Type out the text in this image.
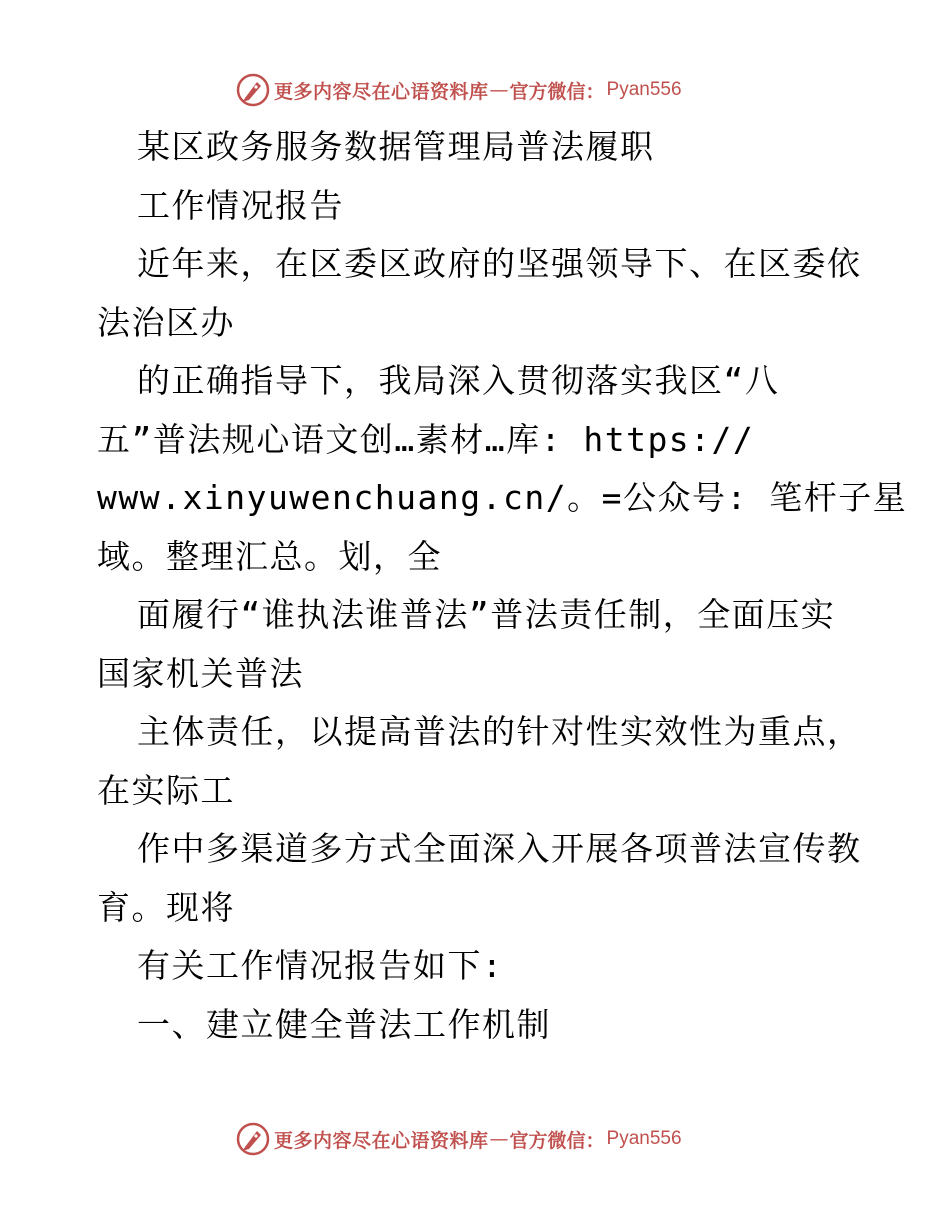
更多内容尽在心语资料库 — 官方微信： Pyan556
某区政务服务数据管理局普法履职
工作情况报告
近年来，在区委区政府的坚强领导下、在区委依
法治区办
的正确指导下，我局深入贯彻落实我区“八
五”普法规心语文创…素材…库: https://
www.xinyuwenchuang.cn/。=公众号: 笔杆子星
域。整理汇总。划，全
面履行“谁执法谁普法”普法责任制，全面压实
国家机关普法
主体责任，以提高普法的针对性实效性为重点，
在实际工
作中多渠道多方式全面深入开展各项普法宣传教
育。现将
有关工作情况报告如下:
一、建立健全普法工作机制
更多内容尽在心语资料库 — 官方微信： Pyan556
